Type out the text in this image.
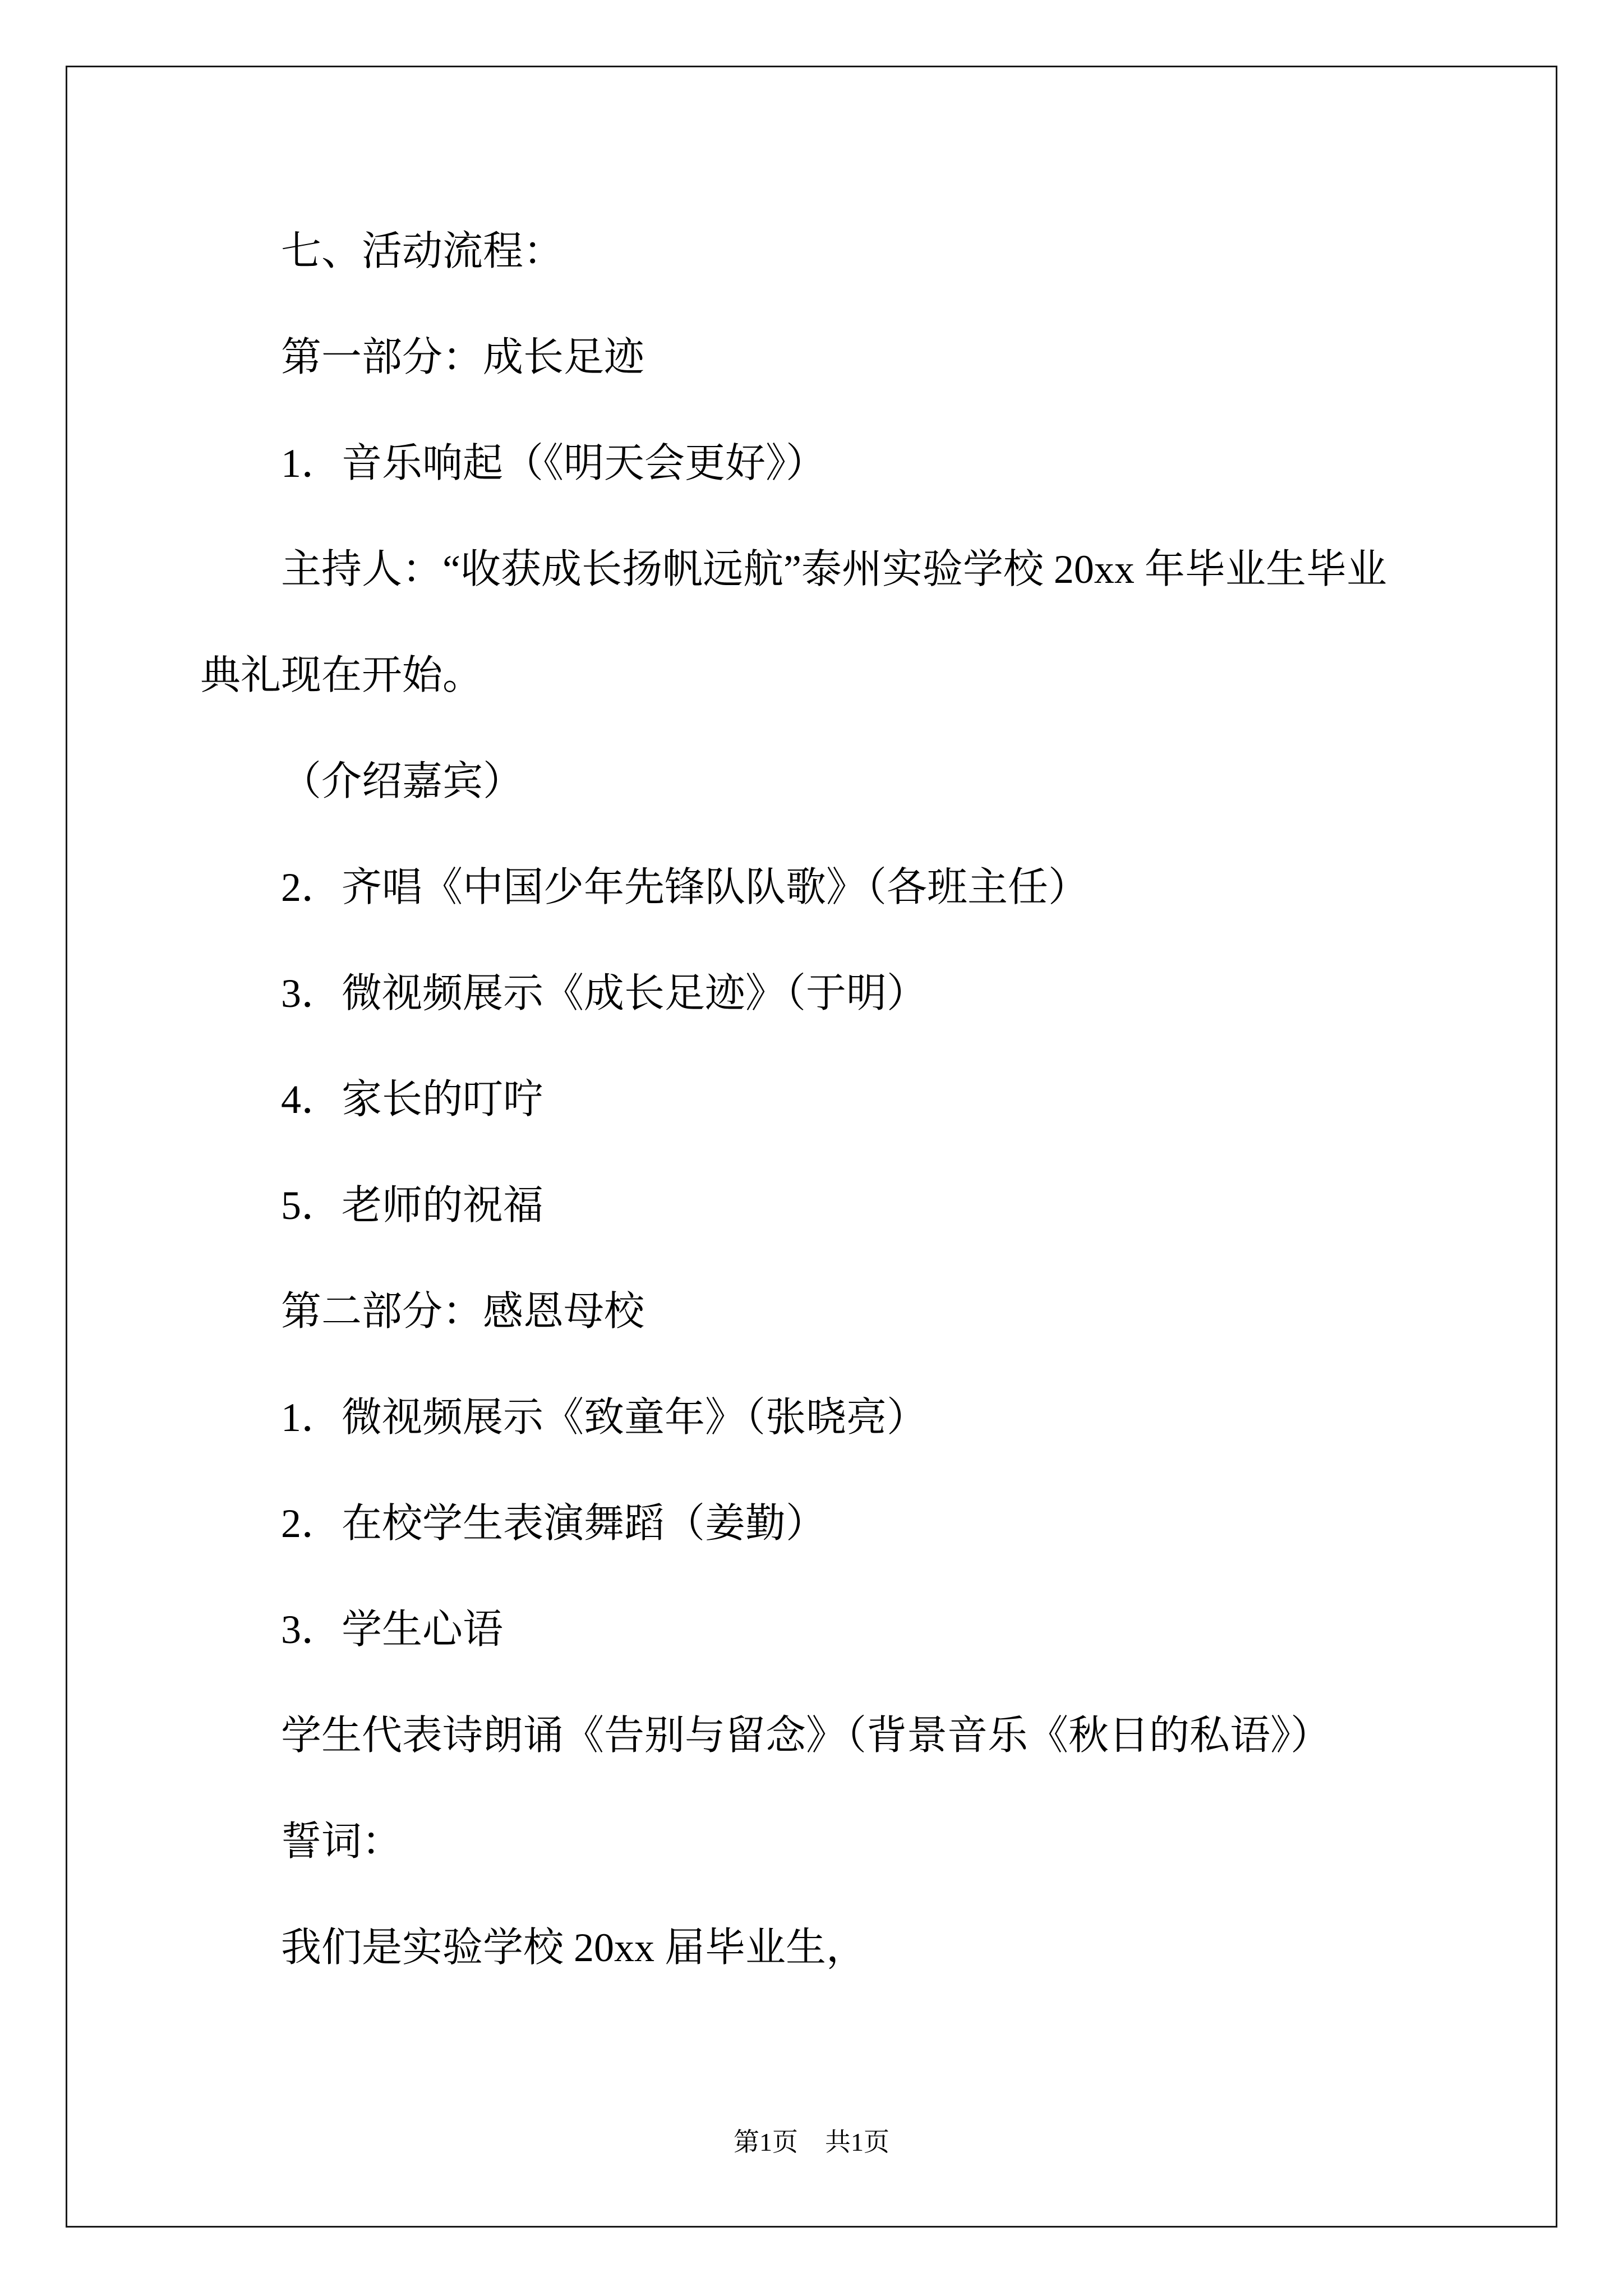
七、活动流程：
第一部分：成长足迹
1．音乐响起（《明天会更好》）
主持人：“收获成长扬帆远航”泰州实验学校 20xx 年毕业生毕业
典礼现在开始。
（介绍嘉宾）
2．齐唱《中国少年先锋队队歌》（各班主任）
3．微视频展示《成长足迹》（于明）
4．家长的叮咛
5．老师的祝福
第二部分：感恩母校
1．微视频展示《致童年》（张晓亮）
2．在校学生表演舞蹈（姜勤）
3．学生心语
学生代表诗朗诵《告别与留念》（背景音乐《秋日的私语》）
誓词：
我们是实验学校 20xx 届毕业生，
第1页 共1页
